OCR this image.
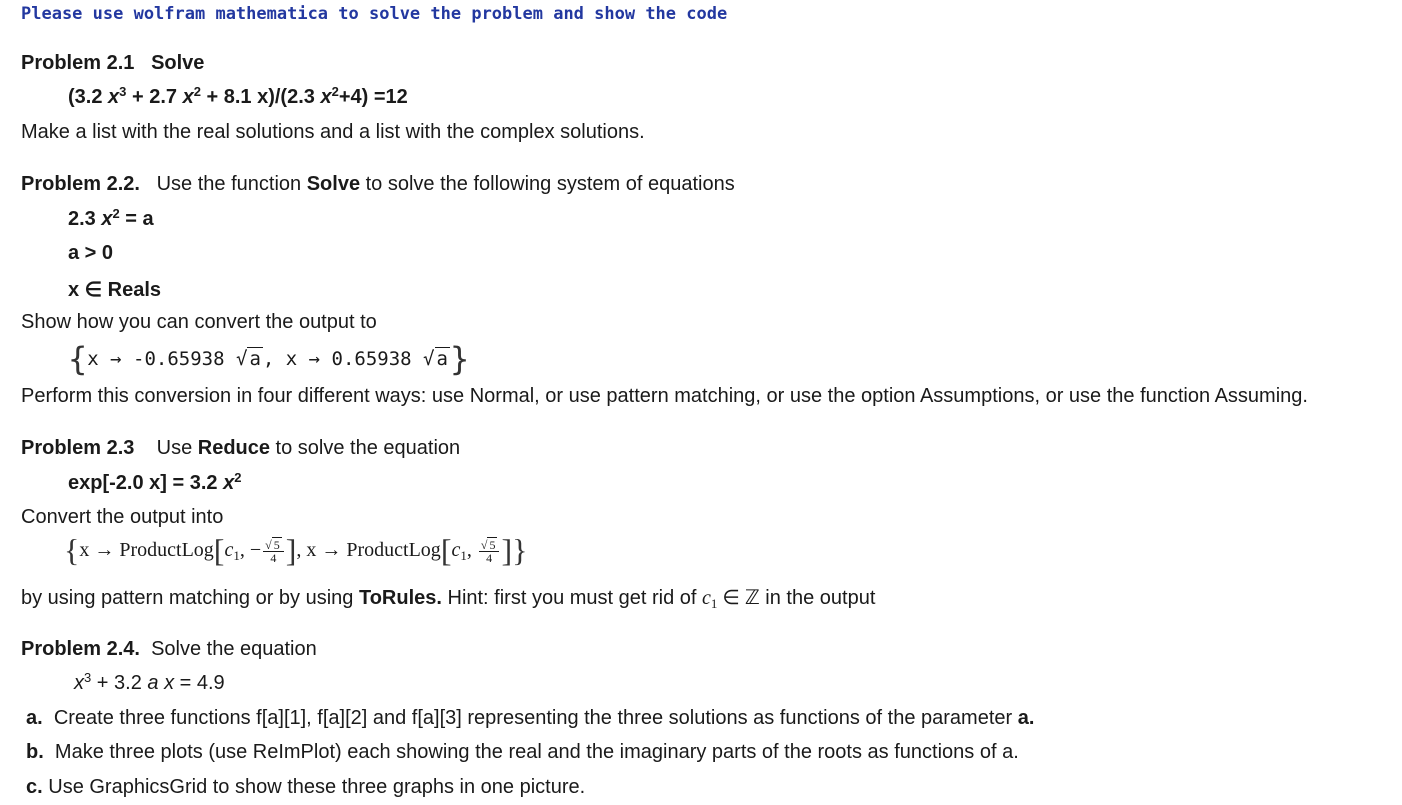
Please use wolfram mathematica to solve the problem and show the code
Problem 2.1 Solve
(3.2 $x^3 + 2.7$ $x^2 + 8.1$ x)/(2.3 $x^2+4) =12$
Make a list with the real solutions and a list with the complex solutions.
Problem 2.2. Use the function Solve to solve the following system of equations
2.3 $x^2 = a$
a > 0
x ∈ Reals
Show how you can convert the output to
{x → -0.65938 √ a , x → 0.65938 √ a}
Perform this conversion in four different ways: use Normal, or use pattern matching, or use the option Assumptions, or use the function Assuming.
Problem 2.3 Use Reduce to solve the equation
exp[-2.0 x] = 3.2 $x^2$
Convert the output into
{$x \to ProductLog[c_1$, − $\frac{√ 5}{4}$ ], $x \to ProductLog[c_1$, $\frac{√ 5}{4}$ ]}
by using pattern matching or by using ToRules. Hint: first you must get rid of $c_1$ ∈ ℤ in the output
Problem 2.4. Solve the equation
$x^3 + 3.2$ a x = 4.9
a. Create three functions f[a][1], f[a][2] and f[a][3] representing the three solutions as functions of the parameter a.
b. Make three plots (use ReImPlot) each showing the real and the imaginary parts of the roots as functions of a.
c. Use GraphicsGrid to show these three graphs in one picture.
